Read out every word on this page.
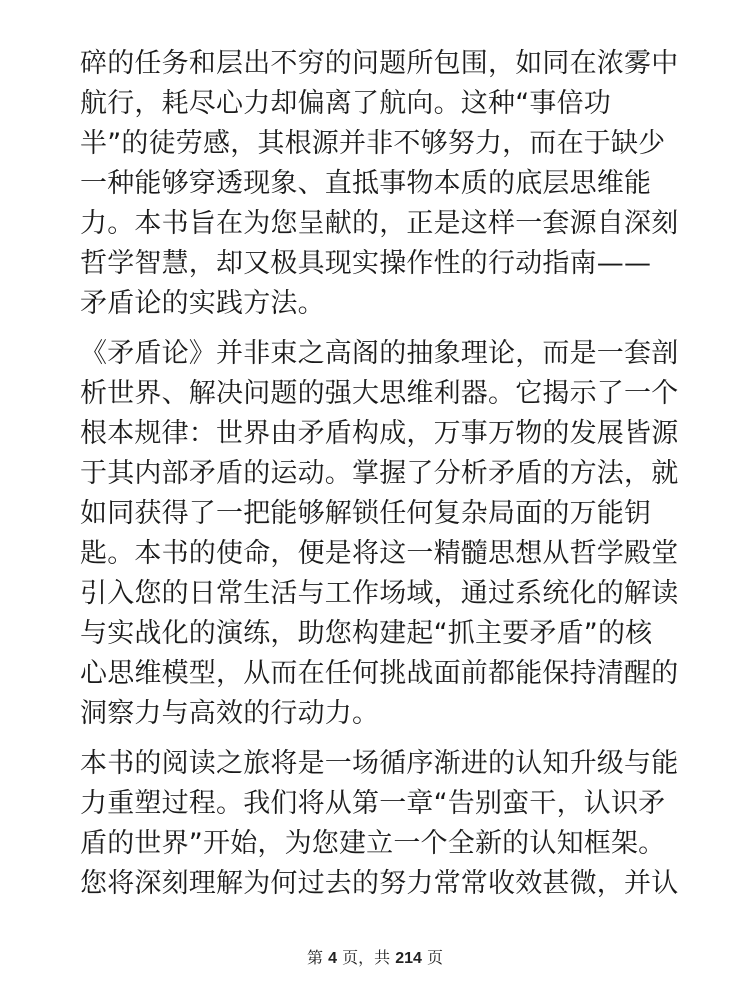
碎的任务和层出不穷的问题所包围，如同在浓雾中
航行，耗尽心力却偏离了航向。这种“事倍功
半”的徒劳感，其根源并非不够努力，而在于缺少
一种能够穿透现象、直抵事物本质的底层思维能
力。本书旨在为您呈献的，正是这样一套源自深刻
哲学智慧，却又极具现实操作性的行动指南——
矛盾论的实践方法。
《矛盾论》并非束之高阁的抽象理论，而是一套剖
析世界、解决问题的强大思维利器。它揭示了一个
根本规律：世界由矛盾构成，万事万物的发展皆源
于其内部矛盾的运动。掌握了分析矛盾的方法，就
如同获得了一把能够解锁任何复杂局面的万能钥
匙。本书的使命，便是将这一精髓思想从哲学殿堂
引入您的日常生活与工作场域，通过系统化的解读
与实战化的演练，助您构建起“抓主要矛盾”的核
心思维模型，从而在任何挑战面前都能保持清醒的
洞察力与高效的行动力。
本书的阅读之旅将是一场循序渐进的认知升级与能
力重塑过程。我们将从第一章“告别蛮干，认识矛
盾的世界”开始，为您建立一个全新的认知框架。
您将深刻理解为何过去的努力常常收效甚微，并认
第 4 页，共 214 页
